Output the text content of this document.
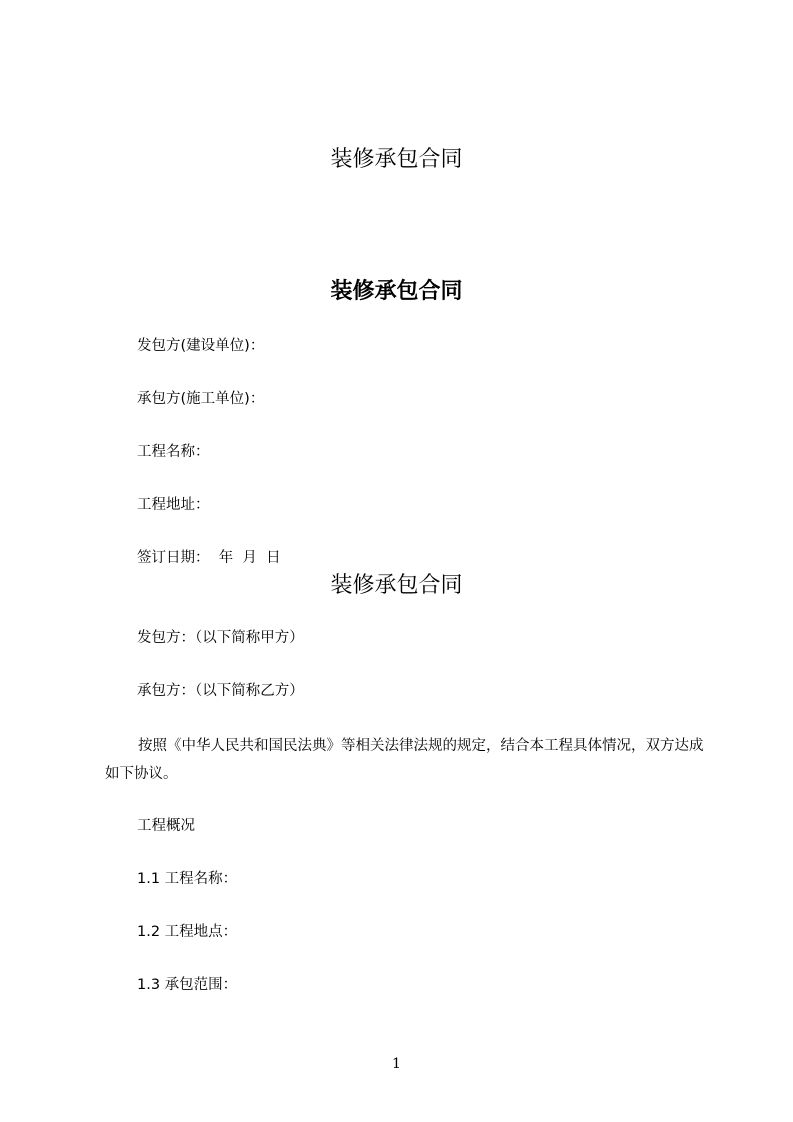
装修承包合同
装修承包合同
发包方(建设单位)：
承包方(施工单位)：
工程名称：
工程地址：
签订日期：  年  月  日
装修承包合同
发包方：（以下简称甲方）
承包方：（以下简称乙方）
按照《中华人民共和国民法典》等相关法律法规的规定，结合本工程具体情况，双方达成如下协议。
工程概况
1.1 工程名称：
1.2 工程地点：
1.3 承包范围：
1
